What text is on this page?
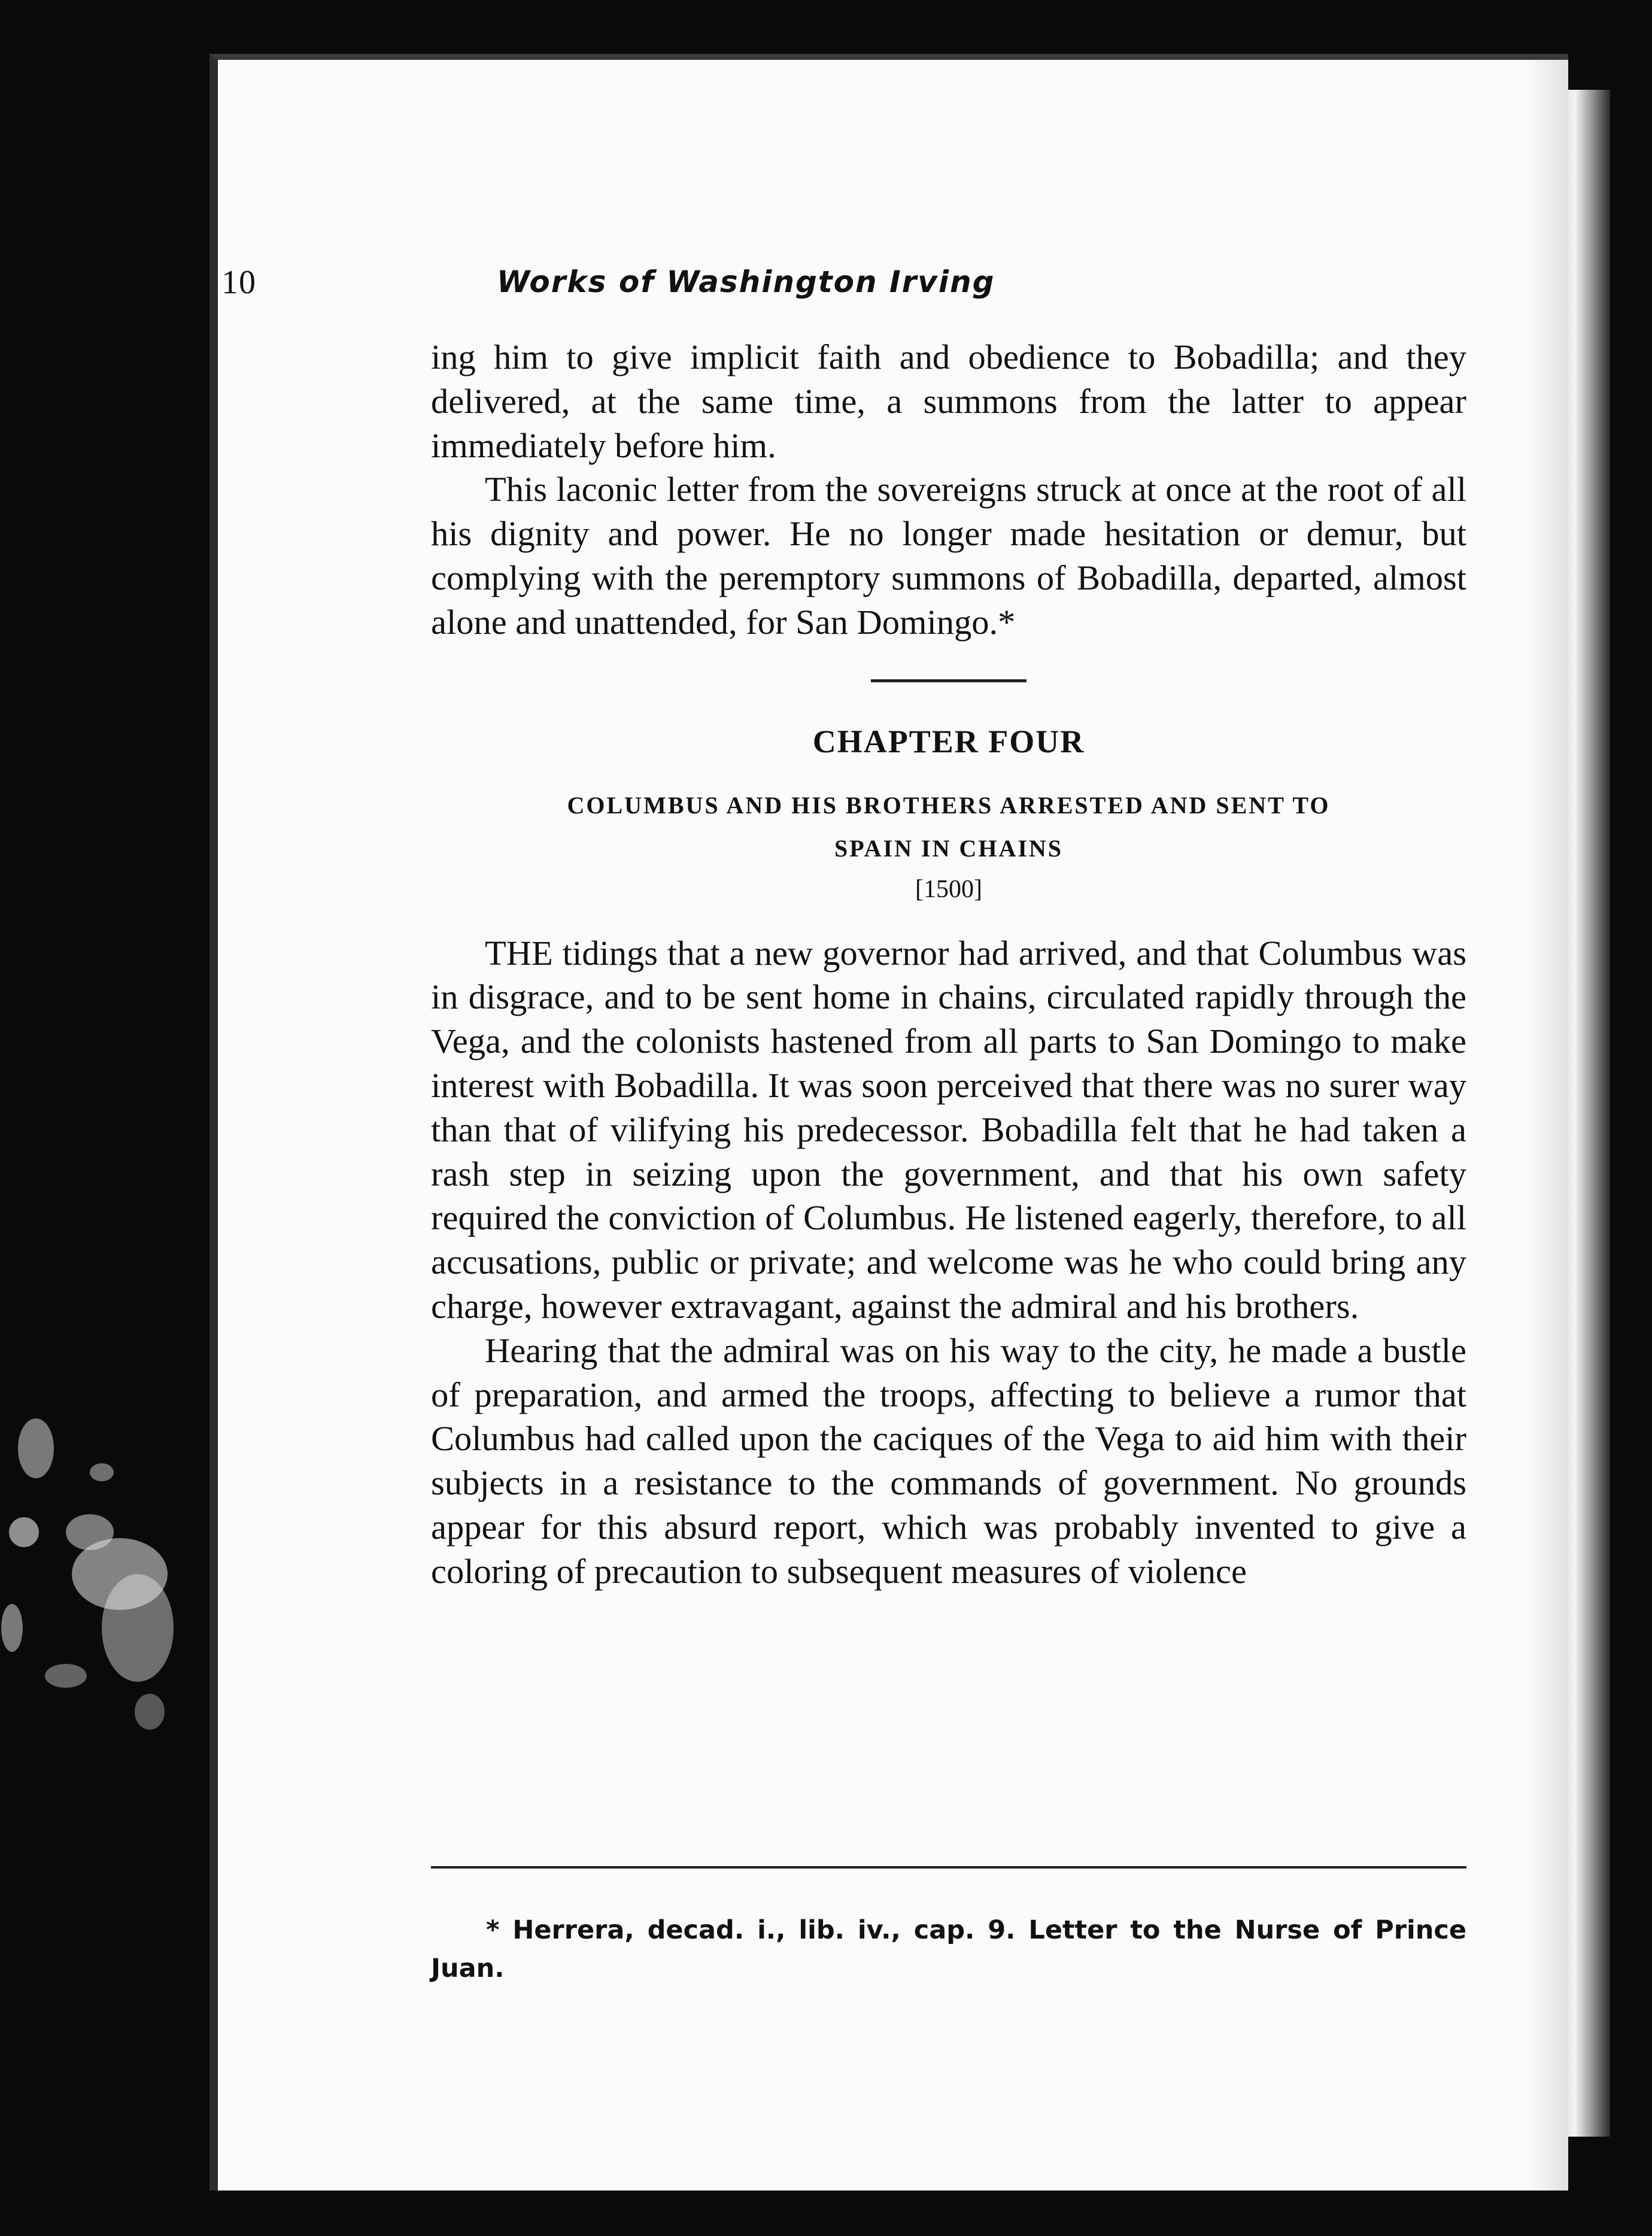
10	Works of Washington Irving

ing him to give implicit faith and obedience to Bobadilla; and they delivered, at the same time, a summons from the latter to appear immediately before him.

This laconic letter from the sovereigns struck at once at the root of all his dignity and power. He no longer made hesitation or demur, but complying with the peremptory summons of Bobadilla, departed, almost alone and unattended, for San Domingo.*

CHAPTER FOUR

COLUMBUS AND HIS BROTHERS ARRESTED AND SENT TO

SPAIN IN CHAINS

[1500]

THE tidings that a new governor had arrived, and that Columbus was in disgrace, and to be sent home in chains, circulated rapidly through the Vega, and the colonists hastened from all parts to San Domingo to make interest with Bobadilla. It was soon perceived that there was no surer way than that of vilifying his predecessor. Bobadilla felt that he had taken a rash step in seizing upon the government, and that his own safety required the conviction of Columbus. He listened eagerly, therefore, to all accusations, public or private; and welcome was he who could bring any charge, however extravagant, against the admiral and his brothers.

Hearing that the admiral was on his way to the city, he made a bustle of preparation, and armed the troops, affecting to believe a rumor that Columbus had called upon the caciques of the Vega to aid him with their subjects in a resistance to the commands of government. No grounds appear for this absurd report, which was probably invented to give a coloring of precaution to subsequent measures of violence

* Herrera, decad. i., lib. iv., cap. 9. Letter to the Nurse of Prince Juan.
